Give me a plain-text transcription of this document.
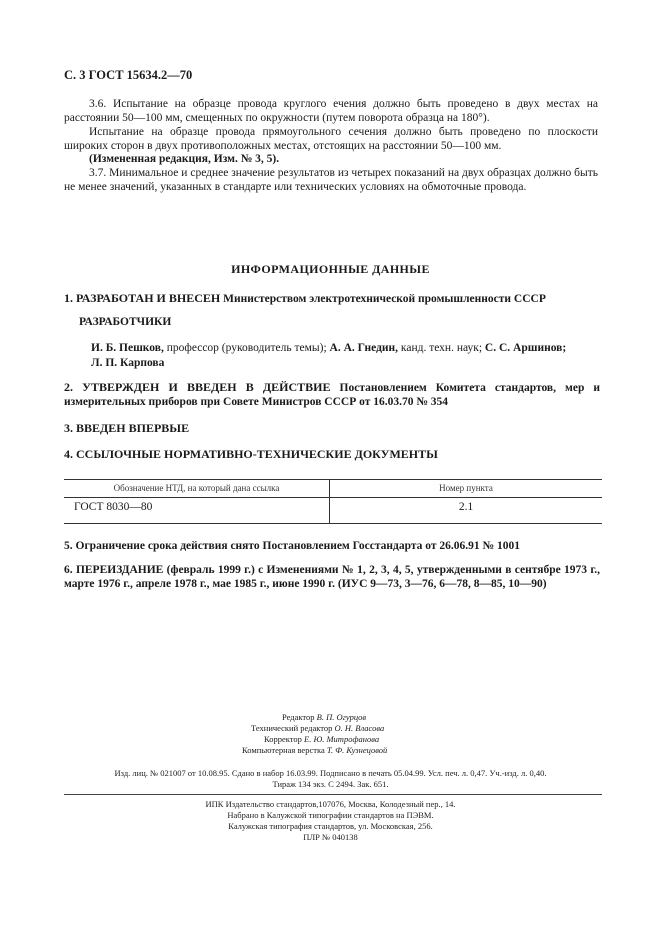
С. 3 ГОСТ 15634.2—70
3.6. Испытание на образце провода круглого ечения должно быть проведено в двух местах на расстоянии 50—100 мм, смещенных по окружности (путем поворота образца на 180°).
Испытание на образце провода прямоугольного сечения должно быть проведено по плоскости широких сторон в двух противоположных местах, отстоящих на расстоянии 50—100 мм.
(Измененная редакция, Изм. № 3, 5).
3.7. Минимальное и среднее значение результатов из четырех показаний на двух образцах должно быть не менее значений, указанных в стандарте или технических условиях на обмоточные провода.
ИНФОРМАЦИОННЫЕ ДАННЫЕ
1. РАЗРАБОТАН И ВНЕСЕН Министерством электротехнической промышленности СССР
РАЗРАБОТЧИКИ
И. Б. Пешков, профессор (руководитель темы); А. А. Гнедин, канд. техн. наук; С. С. Аршинов;
Л. П. Карпова
2. УТВЕРЖДЕН И ВВЕДЕН В ДЕЙСТВИЕ Постановлением Комитета стандартов, мер и измерительных приборов при Совете Министров СССР от 16.03.70 № 354
3. ВВЕДЕН ВПЕРВЫЕ
4. ССЫЛОЧНЫЕ НОРМАТИВНО-ТЕХНИЧЕСКИЕ ДОКУМЕНТЫ
Обозначение НТД, на который дана ссылка	Номер пункта
ГОСТ 8030—80	2.1
5. Ограничение срока действия снято Постановлением Госстандарта от 26.06.91 № 1001
6. ПЕРЕИЗДАНИЕ (февраль 1999 г.) с Изменениями № 1, 2, 3, 4, 5, утвержденными в сентябре 1973 г., марте 1976 г., апреле 1978 г., мае 1985 г., июне 1990 г. (ИУС 9—73, 3—76, 6—78, 8—85, 10—90)
Редактор В. П. Огурцов
Технический редактор О. Н. Власова
Корректор Е. Ю. Митрофанова
Компьютерная верстка Т. Ф. Кузнецовой
Изд. лиц. № 021007 от 10.08.95. Сдано в набор 16.03.99. Подписано в печать 05.04.99. Усл. печ. л. 0,47. Уч.-изд. л. 0,40.
Тираж 134 экз. С 2494. Зак. 651.
ИПК Издательство стандартов,107076, Москва, Колодезный пер., 14.
Набрано в Калужской типографии стандартов на ПЭВМ.
Калужская типография стандартов, ул. Московская, 256.
ПЛР № 040138
